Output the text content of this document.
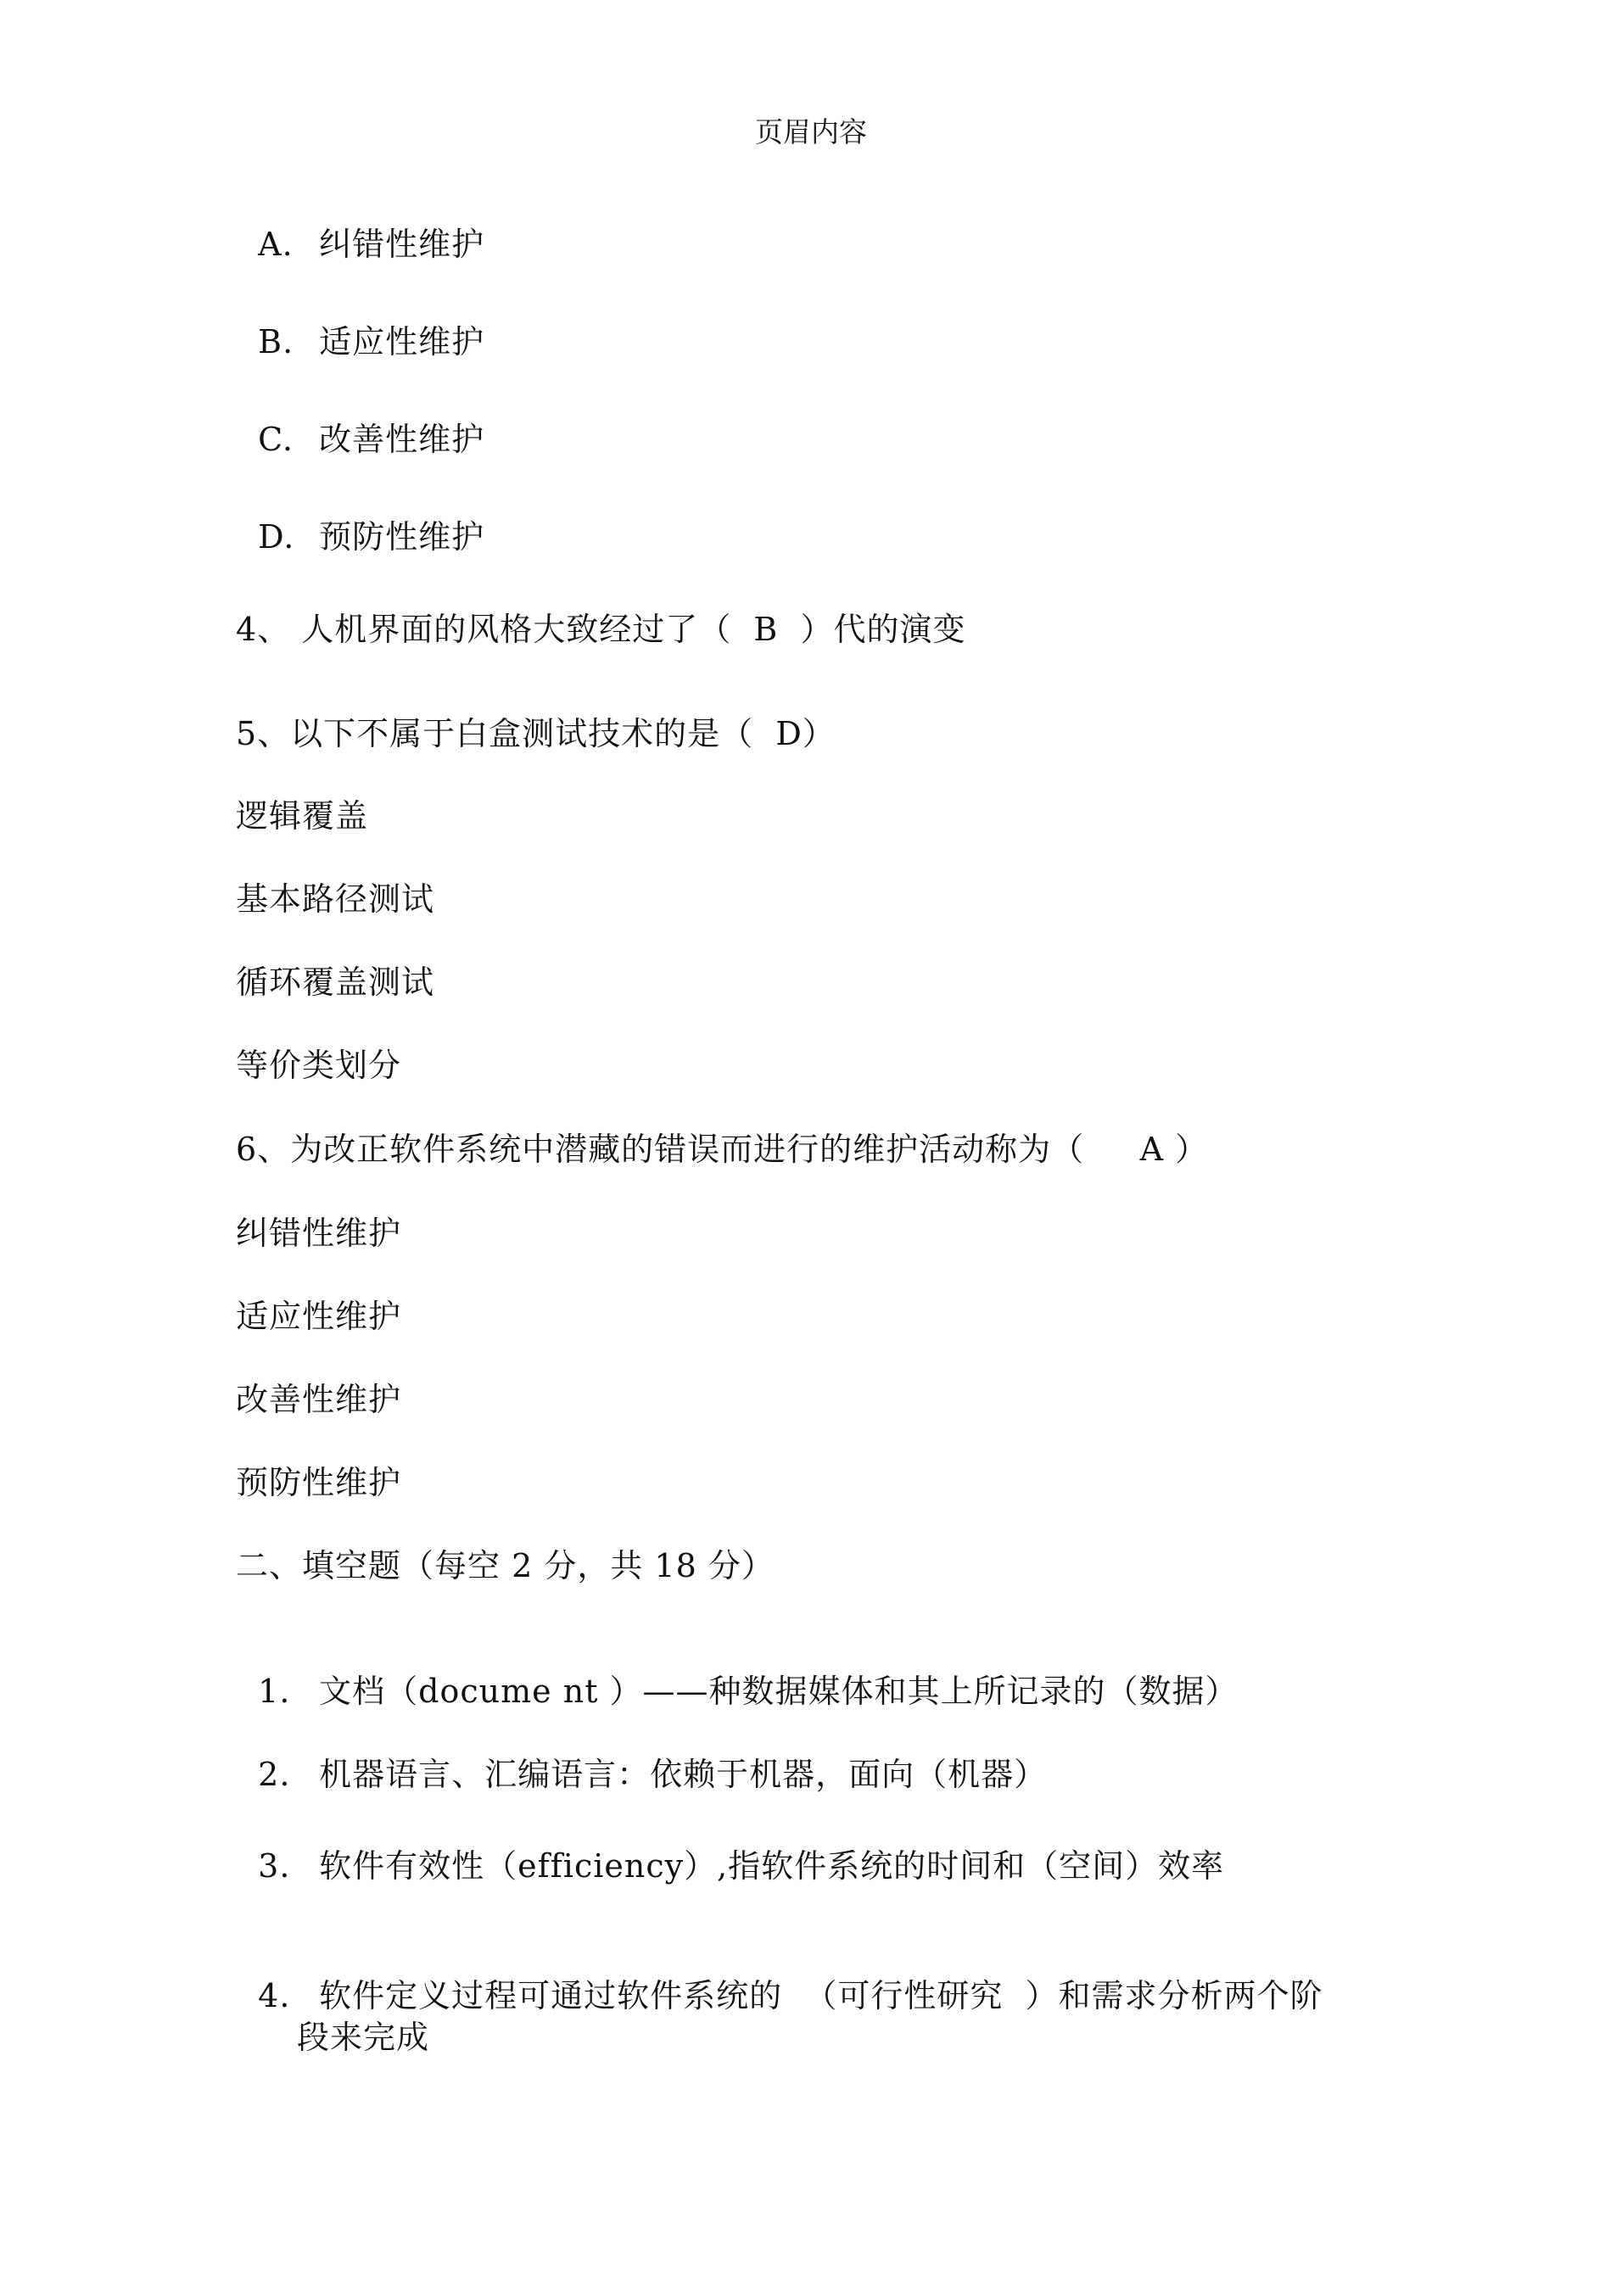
页眉内容

A. 纠错性维护

B. 适应性维护

C. 改善性维护

D. 预防性维护

4、 人机界面的风格大致经过了（  B  ）代的演变
5、以下不属于白盒测试技术的是（  D）
逻辑覆盖
基本路径测试
循环覆盖测试
等价类划分
6、为改正软件系统中潜藏的错误而进行的维护活动称为（     A ）
纠错性维护
适应性维护
改善性维护
预防性维护
二、填空题（每空 2 分，共 18 分）

1. 文档（docume nt ）——种数据媒体和其上所记录的（数据）

2. 机器语言、汇编语言：依赖于机器，面向（机器）

3. 软件有效性（efficiency）,指软件系统的时间和（空间）效率

4. 软件定义过程可通过软件系统的  （可行性研究  ）和需求分析两个阶

段来完成
